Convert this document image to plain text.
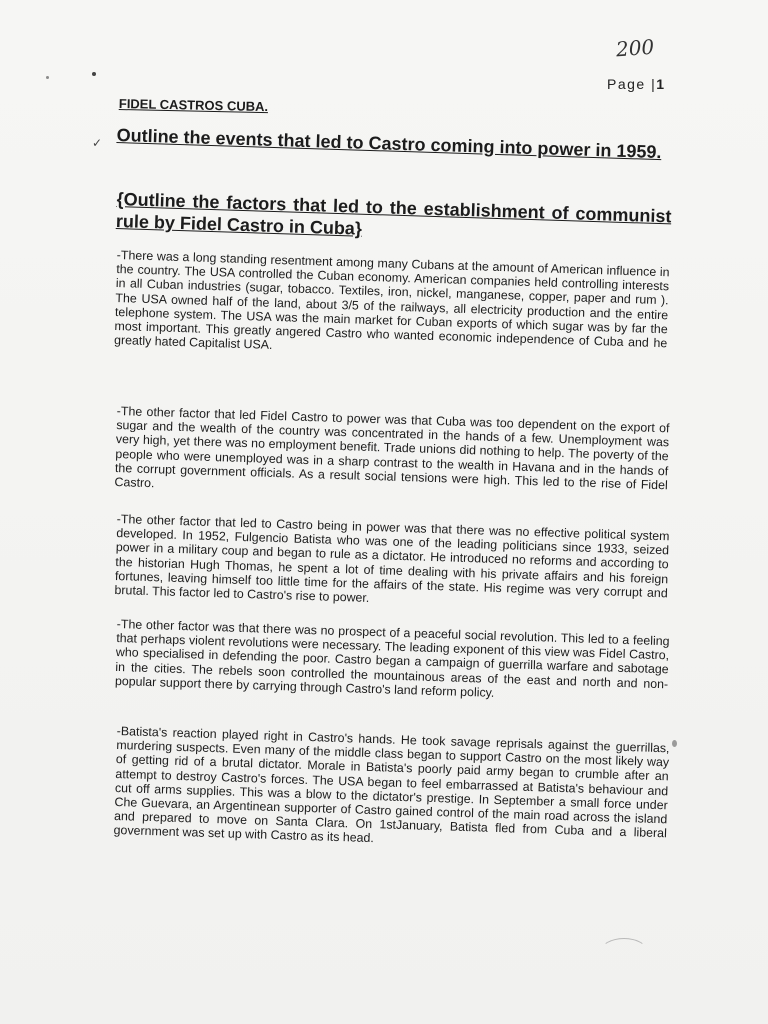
200
Page |1
FIDEL CASTROS CUBA.
✓ Outline the events that led to Castro coming into power in 1959.
{Outline the factors that led to the establishment of communist rule by Fidel Castro in Cuba}

-There was a long standing resentment among many Cubans at the amount of American influence in the country. The USA controlled the Cuban economy. American companies held controlling interests in all Cuban industries (sugar, tobacco. Textiles, iron, nickel, manganese, copper, paper and rum ). The USA owned half of the land, about 3/5 of the railways, all electricity production and the entire telephone system. The USA was the main market for Cuban exports of which sugar was by far the most important. This greatly angered Castro who wanted economic independence of Cuba and he greatly hated Capitalist USA.

-The other factor that led Fidel Castro to power was that Cuba was too dependent on the export of sugar and the wealth of the country was concentrated in the hands of a few. Unemployment was very high, yet there was no employment benefit. Trade unions did nothing to help. The poverty of the people who were unemployed was in a sharp contrast to the wealth in Havana and in the hands of the corrupt government officials. As a result social tensions were high. This led to the rise of Fidel Castro.

-The other factor that led to Castro being in power was that there was no effective political system developed. In 1952, Fulgencio Batista who was one of the leading politicians since 1933, seized power in a military coup and began to rule as a dictator. He introduced no reforms and according to the historian Hugh Thomas, he spent a lot of time dealing with his private affairs and his foreign fortunes, leaving himself too little time for the affairs of the state. His regime was very corrupt and brutal. This factor led to Castro's rise to power.

-The other factor was that there was no prospect of a peaceful social revolution. This led to a feeling that perhaps violent revolutions were necessary. The leading exponent of this view was Fidel Castro, who specialised in defending the poor. Castro began a campaign of guerrilla warfare and sabotage in the cities. The rebels soon controlled the mountainous areas of the east and north and non-popular support there by carrying through Castro's land reform policy.

-Batista's reaction played right in Castro's hands. He took savage reprisals against the guerrillas, murdering suspects. Even many of the middle class began to support Castro on the most likely way of getting rid of a brutal dictator. Morale in Batista's poorly paid army began to crumble after an attempt to destroy Castro's forces. The USA began to feel embarrassed at Batista's behaviour and cut off arms supplies. This was a blow to the dictator's prestige. In September a small force under Che Guevara, an Argentinean supporter of Castro gained control of the main road across the island and prepared to move on Santa Clara. On 1stJanuary, Batista fled from Cuba and a liberal government was set up with Castro as its head.
